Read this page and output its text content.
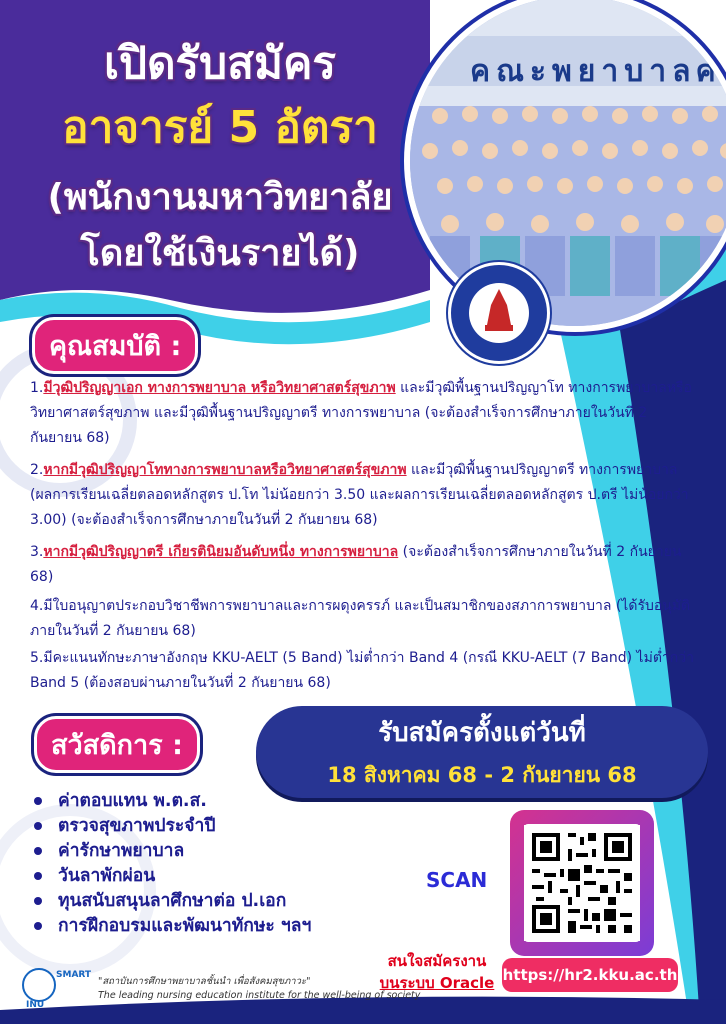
เปิดรับสมัคร
อาจารย์ 5 อัตรา
(พนักงานมหาวิทยาลัย
โดยใช้เงินรายได้)
คณะพยาบาลศ
คุณสมบัติ :
1.มีวุฒิปริญญาเอก ทางการพยาบาล หรือวิทยาศาสตร์สุขภาพ และมีวุฒิพื้นฐานปริญญาโท ทางการพยาบาลหรือวิทยาศาสตร์สุขภาพ และมีวุฒิพื้นฐานปริญญาตรี ทางการพยาบาล (จะต้องสำเร็จการศึกษาภายในวันที่ 2 กันยายน 68)
2.หากมีวุฒิปริญญาโททางการพยาบาลหรือวิทยาศาสตร์สุขภาพ และมีวุฒิพื้นฐานปริญญาตรี ทางการพยาบาล (ผลการเรียนเฉลี่ยตลอดหลักสูตร ป.โท ไม่น้อยกว่า 3.50 และผลการเรียนเฉลี่ยตลอดหลักสูตร ป.ตรี ไม่น้อยกว่า 3.00) (จะต้องสำเร็จการศึกษาภายในวันที่ 2 กันยายน 68)
3.หากมีวุฒิปริญญาตรี เกียรตินิยมอันดับหนึ่ง ทางการพยาบาล (จะต้องสำเร็จการศึกษาภายในวันที่ 2 กันยายน 68)
4.มีใบอนุญาตประกอบวิชาชีพการพยาบาลและการผดุงครรภ์ และเป็นสมาชิกของสภาการพยาบาล (ได้รับอนุมัติภายในวันที่ 2 กันยายน 68)
5.มีคะแนนทักษะภาษาอังกฤษ KKU-AELT (5 Band) ไม่ต่ำกว่า Band 4 (กรณี KKU-AELT (7 Band) ไม่ต่ำกว่า Band 5 (ต้องสอบผ่านภายในวันที่ 2 กันยายน 68)
สวัสดิการ :
ค่าตอบแทน พ.ต.ส.
ตรวจสุขภาพประจำปี
ค่ารักษาพยาบาล
วันลาพักผ่อน
ทุนสนับสนุนลาศึกษาต่อ ป.เอก
การฝึกอบรมและพัฒนาทักษะ ฯลฯ
รับสมัครตั้งแต่วันที่
18 สิงหาคม 68 - 2 กันยายน 68
SCAN
สนใจสมัครงาน
บนระบบ Oracle https://hr2.kku.ac.th
INU
SMART
"สถาบันการศึกษาพยาบาลชั้นนำ เพื่อสังคมสุขภาวะ"
The leading nursing education institute for the well-being of society
